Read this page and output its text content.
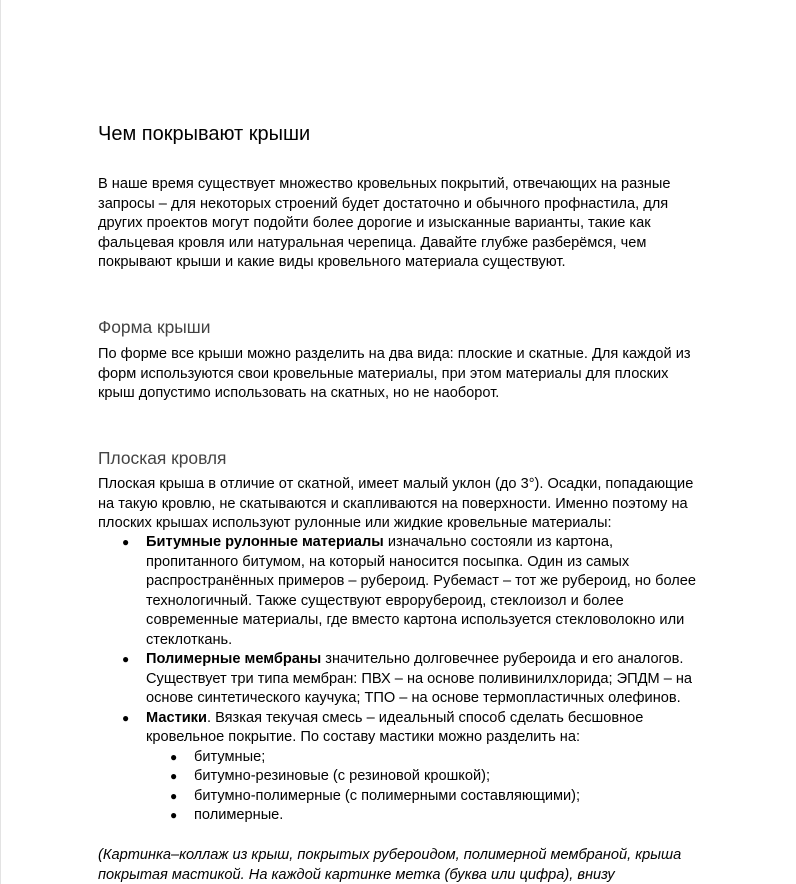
Чем покрывают крыши

В наше время существует множество кровельных покрытий, отвечающих на разные запросы – для некоторых строений будет достаточно и обычного профнастила, для других проектов могут подойти более дорогие и изысканные варианты, такие как фальцевая кровля или натуральная черепица. Давайте глубже разберёмся, чем покрывают крыши и какие виды кровельного материала существуют.

Форма крыши

По форме все крыши можно разделить на два вида: плоские и скатные. Для каждой из форм используются свои кровельные материалы, при этом материалы для плоских крыш допустимо использовать на скатных, но не наоборот.

Плоская кровля

Плоская крыша в отличие от скатной, имеет малый уклон (до 3°). Осадки, попадающие на такую кровлю, не скатываются и скапливаются на поверхности. Именно поэтому на плоских крышах используют рулонные или жидкие кровельные материалы:

● Битумные рулонные материалы изначально состояли из картона, пропитанного битумом, на который наносится посыпка. Один из самых распространённых примеров – рубероид. Рубемаст – тот же рубероид, но более технологичный. Также существуют еврорубероид, стеклоизол и более современные материалы, где вместо картона используется стекловолокно или стеклоткань.
● Полимерные мембраны значительно долговечнее рубероида и его аналогов. Существует три типа мембран: ПВХ – на основе поливинилхлорида; ЭПДМ – на основе синтетического каучука; ТПО – на основе термопластичных олефинов.
● Мастики. Вязкая текучая смесь – идеальный способ сделать бесшовное кровельное покрытие. По составу мастики можно разделить на:
● битумные;
● битумно-резиновые (с резиновой крошкой);
● битумно-полимерные (с полимерными составляющими);
● полимерные.

(Картинка–коллаж из крыш, покрытых рубероидом, полимерной мембраной, крыша покрытая мастикой. На каждой картинке метка (буква или цифра), внизу
